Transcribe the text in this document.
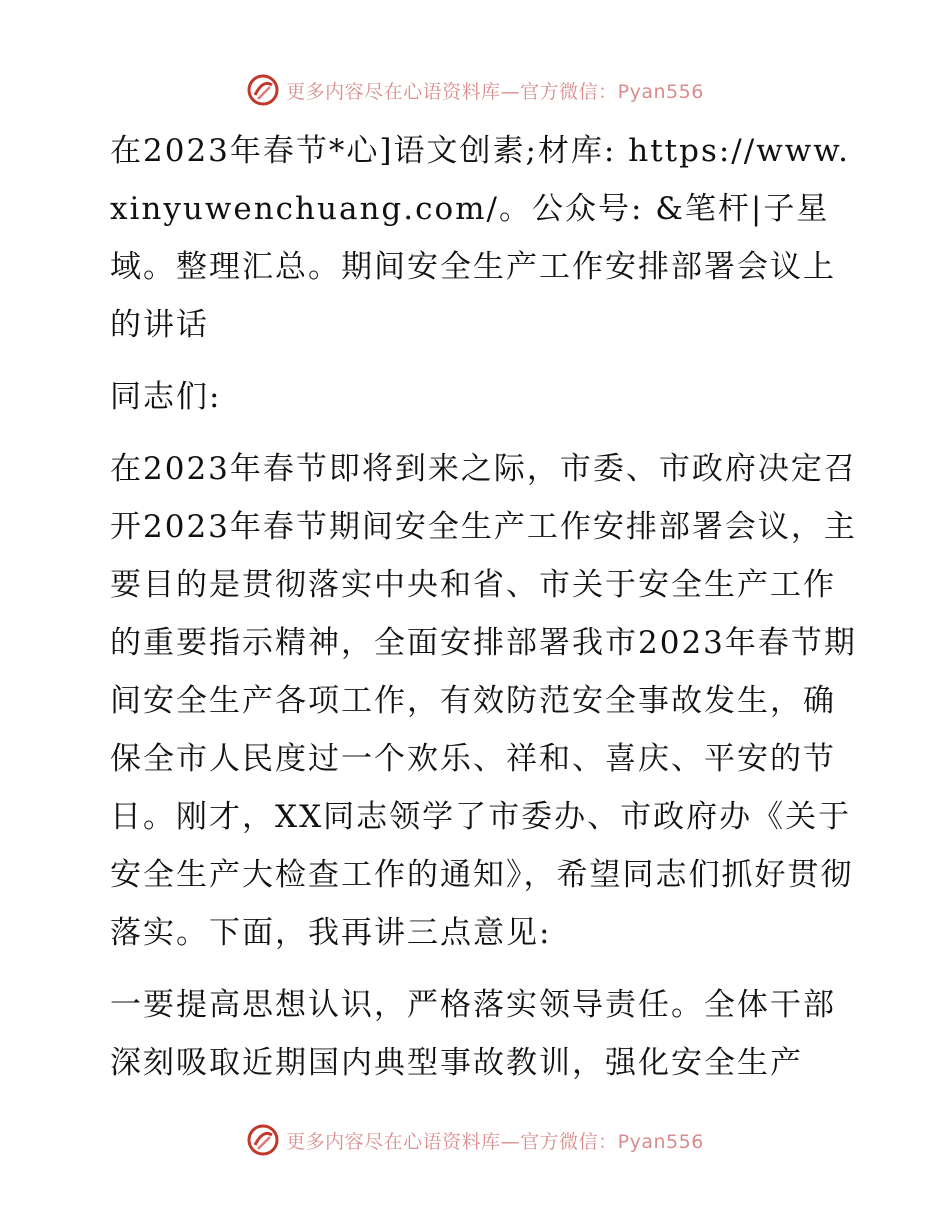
更多内容尽在心语资料库—官方微信：Pyan556

在2023年春节*心]语文创素;材库: https://www.xinyuwenchuang.com/。公众号: &笔杆|子星域。整理汇总。期间安全生产工作安排部署会议上的讲话

同志们:

在2023年春节即将到来之际，市委、市政府决定召开2023年春节期间安全生产工作安排部署会议，主要目的是贯彻落实中央和省、市关于安全生产工作的重要指示精神，全面安排部署我市2023年春节期间安全生产各项工作，有效防范安全事故发生，确保全市人民度过一个欢乐、祥和、喜庆、平安的节日。刚才，XX同志领学了市委办、市政府办《关于安全生产大检查工作的通知》，希望同志们抓好贯彻落实。下面，我再讲三点意见:

一要提高思想认识，严格落实领导责任。全体干部深刻吸取近期国内典型事故教训，强化安全生产

更多内容尽在心语资料库—官方微信：Pyan556
